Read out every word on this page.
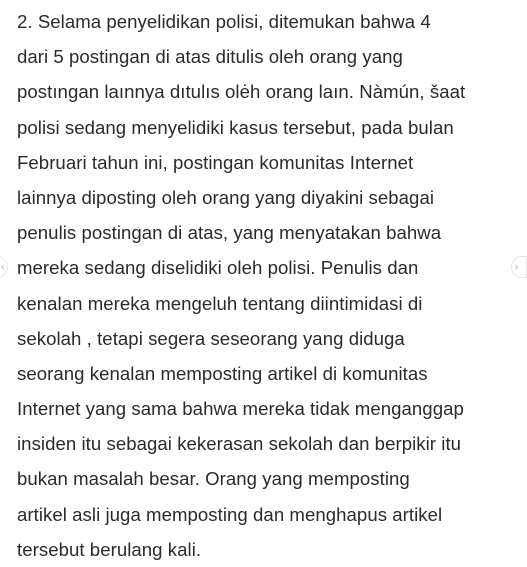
2. Selama penyelidikan polisi, ditemukan bahwa 4
dari 5 postingan di atas ditulis oleh orang yang
postıngan laınnya dıtulıs olėh orang laın. Nàmún, šaat
polisi sedang menyelidiki kasus tersebut, pada bulan
Februari tahun ini, postingan komunitas Internet
lainnya diposting oleh orang yang diyakini sebagai
penulis postingan di atas, yang menyatakan bahwa
mereka sedang diselidiki oleh polisi. Penulis dan
kenalan mereka mengeluh tentang diintimidasi di
sekolah , tetapi segera seseorang yang diduga
seorang kenalan memposting artikel di komunitas
Internet yang sama bahwa mereka tidak menganggap
insiden itu sebagai kekerasan sekolah dan berpikir itu
bukan masalah besar. Orang yang memposting
artikel asli juga memposting dan menghapus artikel
tersebut berulang kali.
‹	›
